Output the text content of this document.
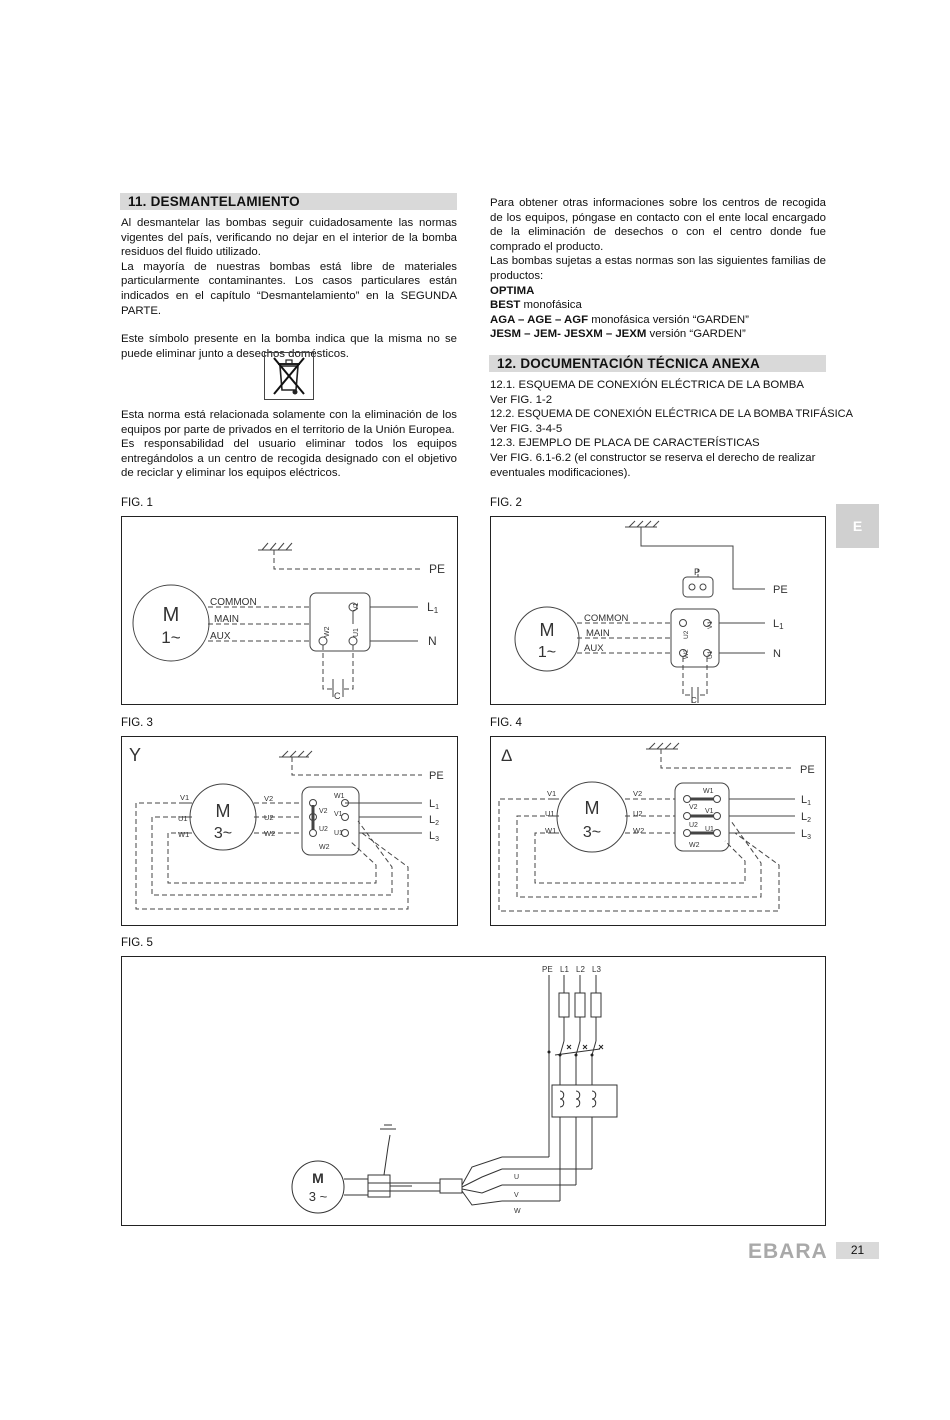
11. DESMANTELAMIENTO

Al desmantelar las bombas seguir cuidadosamente las normas vigentes del país, verificando no dejar en el interior de la bomba residuos del fluido utilizado.

La mayoría de nuestras bombas está libre de materiales particularmente contaminantes. Los casos particulares están indicados en el capítulo “Desmantelamiento” en la SEGUNDA PARTE.

Este símbolo presente en la bomba indica que la misma no se puede eliminar junto a desechos domésticos.

Esta norma está relacionada solamente con la eliminación de los equipos por parte de privados en el territorio de la Unión Europea.

Es responsabilidad del usuario eliminar todos los equipos entregándolos a un centro de recogida designado con el objetivo de reciclar y eliminar los equipos eléctricos.

Para obtener otras informaciones sobre los centros de recogida de los equipos, póngase en contacto con el ente local encargado de la eliminación de desechos o con el centro donde fue comprado el producto.

Las bombas sujetas a estas normas son las siguientes familias de productos:

OPTIMA

BEST monofásica

AGA – AGE – AGF monofásica versión “GARDEN”

JESM – JEM- JESXM – JEXM versión “GARDEN”

12. DOCUMENTACIÓN TÉCNICA ANEXA

12.1. ESQUEMA DE CONEXIÓN ELÉCTRICA DE LA BOMBA

Ver FIG. 1-2

12.2. ESQUEMA DE CONEXIÓN ELÉCTRICA DE LA BOMBA TRIFÁSICA

Ver FIG. 3-4-5

12.3. EJEMPLO DE PLACA DE CARACTERÍSTICAS

Ver FIG. 6.1-6.2 (el constructor se reserva el derecho de realizar eventuales modificaciones).

FIG. 1
M
1~
COMMON
MAIN
AUX
PE
L1
N
V1
W2	U1
C
FIG. 2
M
1~
COMMON
MAIN
AUX
P
PE
L1
N
V1
U2
W2	U1
C
FIG. 3
Y
M
3~
V1
U1
W1
V2
U2
W2
W1
V2 V1
U2
U1
W2
PE
L1
L2
L3
FIG. 4
Δ
M
3~
V1
U1
W1
V2
U2
W2
W1
V2
V1
U2
U1
W2
PE
L1
L2
L3
FIG. 5
M
3 ~
PE L1 L2 L3
U
V
W
E
EBARA	21
